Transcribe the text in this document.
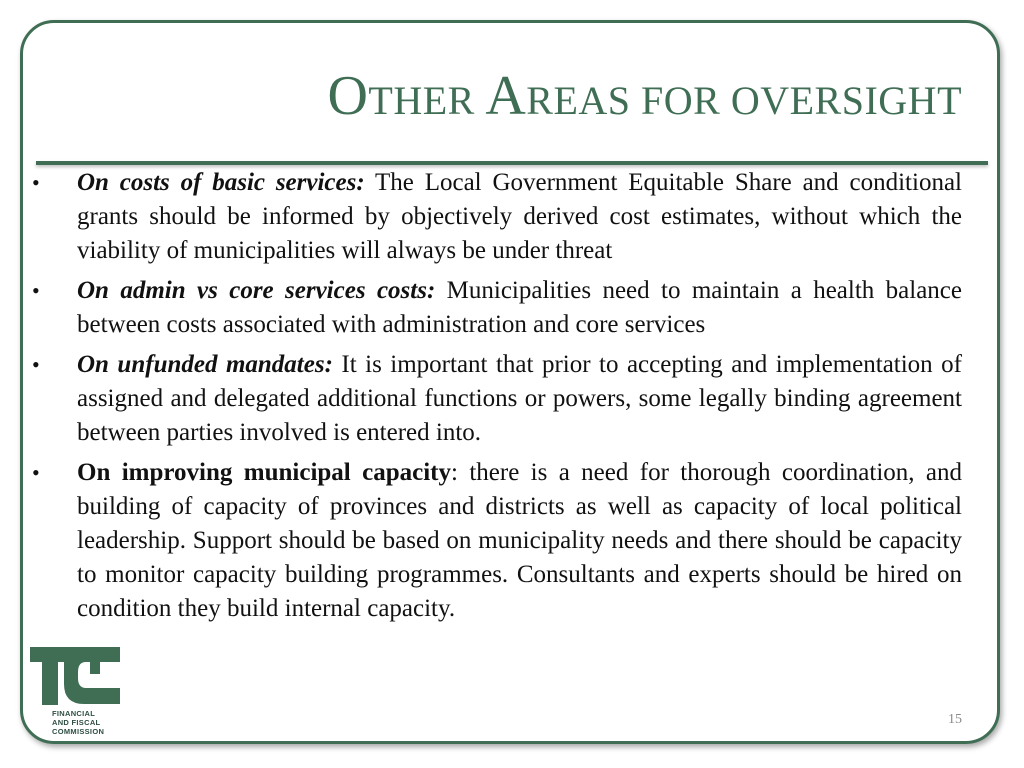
OTHER AREAS FOR OVERSIGHT
• On costs of basic services: The Local Government Equitable Share and conditional grants should be informed by objectively derived cost estimates, without which the viability of municipalities will always be under threat
• On admin vs core services costs: Municipalities need to maintain a health balance between costs associated with administration and core services
• On unfunded mandates: It is important that prior to accepting and implementation of assigned and delegated additional functions or powers, some legally binding agreement between parties involved is entered into.
• On improving municipal capacity: there is a need for thorough coordination, and building of capacity of provinces and districts as well as capacity of local political leadership. Support should be based on municipality needs and there should be capacity to monitor capacity building programmes. Consultants and experts should be hired on condition they build internal capacity.
FINANCIAL
AND FISCAL
COMMISSION
15
